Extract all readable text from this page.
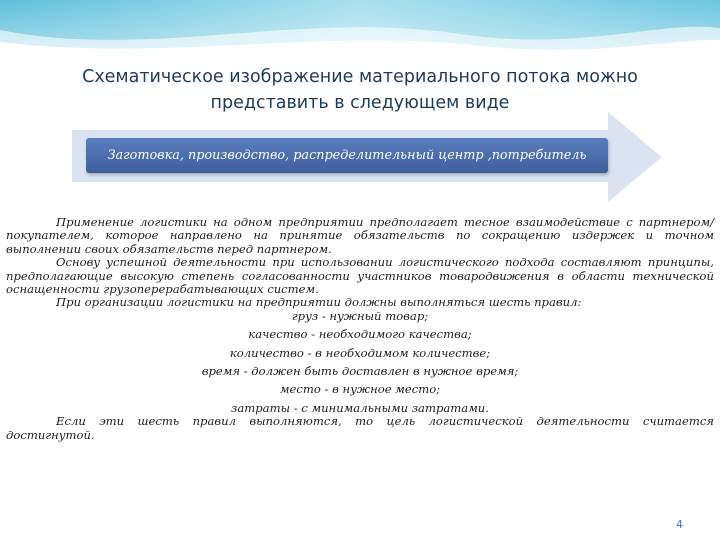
Схематическое изображение материального потока можно
представить в следующем виде
Заготовка, производство, распределительный центр ,потребитель

Применение логистики на одном предприятии предполагает тесное взаимодействие с партнером/покупателем, которое направлено на принятие обязательств по сокращению издержек и точном выполнении своих обязательств перед партнером.

Основу успешной деятельности при использовании логистического подхода составляют принципы, предполагающие высокую степень согласованности участников товародвижения в области технической оснащенности грузоперерабатывающих систем.

При организации логистики на предприятии должны выполняться шесть правил:

груз - нужный товар;

качество - необходимого качества;

количество - в необходимом количестве;

время - должен быть доставлен в нужное время;

место - в нужное место;

затраты - с минимальными затратами.

Если эти шесть правил выполняются, то цель логистической деятельности считается достигнутой.

4
